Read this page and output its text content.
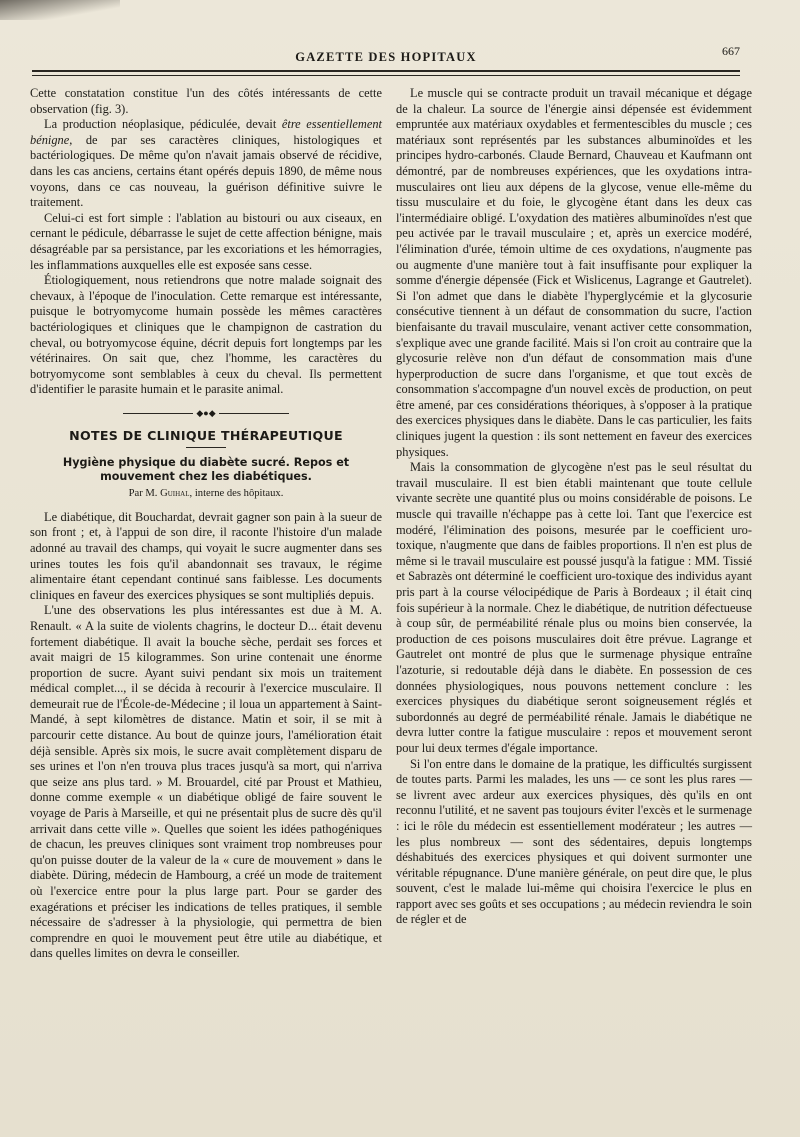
GAZETTE DES HOPITAUX	667

Cette constatation constitue l'un des côtés intéressants de cette observation (fig. 3).

La production néoplasique, pédiculée, devait être essentiellement bénigne, de par ses caractères cliniques, histologiques et bactériologiques. De même qu'on n'avait jamais observé de récidive, dans les cas anciens, certains étant opérés depuis 1890, de même nous voyons, dans ce cas nouveau, la guérison définitive suivre le traitement.

Celui-ci est fort simple : l'ablation au bistouri ou aux ciseaux, en cernant le pédicule, débarrasse le sujet de cette affection bénigne, mais désagréable par sa persistance, par les excoriations et les hémorragies, les inflammations auxquelles elle est exposée sans cesse.

Étiologiquement, nous retiendrons que notre malade soignait des chevaux, à l'époque de l'inoculation. Cette remarque est intéressante, puisque le botryomycome humain possède les mêmes caractères bactériologiques et cliniques que le champignon de castration du cheval, ou botryomycose équine, décrit depuis fort longtemps par les vétérinaires. On sait que, chez l'homme, les caractères du botryomycome sont semblables à ceux du cheval. Ils permettent d'identifier le parasite humain et le parasite animal.

◆●◆
NOTES DE CLINIQUE THÉRAPEUTIQUE
Hygiène physique du diabète sucré. Repos et mouvement chez les diabétiques.
Par M. Guihal, interne des hôpitaux.

Le diabétique, dit Bouchardat, devrait gagner son pain à la sueur de son front ; et, à l'appui de son dire, il raconte l'histoire d'un malade adonné au travail des champs, qui voyait le sucre augmenter dans ses urines toutes les fois qu'il abandonnait ses travaux, le régime alimentaire étant cependant continué sans faiblesse. Les documents cliniques en faveur des exercices physiques se sont multipliés depuis.

L'une des observations les plus intéressantes est due à M. A. Renault. « A la suite de violents chagrins, le docteur D... était devenu fortement diabétique. Il avait la bouche sèche, perdait ses forces et avait maigri de 15 kilogrammes. Son urine contenait une énorme proportion de sucre. Ayant suivi pendant six mois un traitement médical complet..., il se décida à recourir à l'exercice musculaire. Il demeurait rue de l'École-de-Médecine ; il loua un appartement à Saint-Mandé, à sept kilomètres de distance. Matin et soir, il se mit à parcourir cette distance. Au bout de quinze jours, l'amélioration était déjà sensible. Après six mois, le sucre avait complètement disparu de ses urines et l'on n'en trouva plus traces jusqu'à sa mort, qui n'arriva que seize ans plus tard. » M. Brouardel, cité par Proust et Mathieu, donne comme exemple « un diabétique obligé de faire souvent le voyage de Paris à Marseille, et qui ne présentait plus de sucre dès qu'il arrivait dans cette ville ». Quelles que soient les idées pathogéniques de chacun, les preuves cliniques sont vraiment trop nombreuses pour qu'on puisse douter de la valeur de la « cure de mouvement » dans le diabète. Düring, médecin de Hambourg, a créé un mode de traitement où l'exercice entre pour la plus large part. Pour se garder des exagérations et préciser les indications de telles pratiques, il semble nécessaire de s'adresser à la physiologie, qui permettra de bien comprendre en quoi le mouvement peut être utile au diabétique, et dans quelles limites on devra le conseiller.

Le muscle qui se contracte produit un travail mécanique et dégage de la chaleur. La source de l'énergie ainsi dépensée est évidemment empruntée aux matériaux oxydables et fermentescibles du muscle ; ces matériaux sont représentés par les substances albuminoïdes et les principes hydro-carbonés. Claude Bernard, Chauveau et Kaufmann ont démontré, par de nombreuses expériences, que les oxydations intra-musculaires ont lieu aux dépens de la glycose, venue elle-même du tissu musculaire et du foie, le glycogène étant dans les deux cas l'intermédiaire obligé. L'oxydation des matières albuminoïdes n'est que peu activée par le travail musculaire ; et, après un exercice modéré, l'élimination d'urée, témoin ultime de ces oxydations, n'augmente pas ou augmente d'une manière tout à fait insuffisante pour expliquer la somme d'énergie dépensée (Fick et Wislicenus, Lagrange et Gautrelet). Si l'on admet que dans le diabète l'hyperglycémie et la glycosurie consécutive tiennent à un défaut de consommation du sucre, l'action bienfaisante du travail musculaire, venant activer cette consommation, s'explique avec une grande facilité. Mais si l'on croit au contraire que la glycosurie relève non d'un défaut de consommation mais d'une hyperproduction de sucre dans l'organisme, et que tout excès de consommation s'accompagne d'un nouvel excès de production, on peut être amené, par ces considérations théoriques, à s'opposer à la pratique des exercices physiques dans le diabète. Dans le cas particulier, les faits cliniques jugent la question : ils sont nettement en faveur des exercices physiques.

Mais la consommation de glycogène n'est pas le seul résultat du travail musculaire. Il est bien établi maintenant que toute cellule vivante secrète une quantité plus ou moins considérable de poisons. Le muscle qui travaille n'échappe pas à cette loi. Tant que l'exercice est modéré, l'élimination des poisons, mesurée par le coefficient uro-toxique, n'augmente que dans de faibles proportions. Il n'en est plus de même si le travail musculaire est poussé jusqu'à la fatigue : MM. Tissié et Sabrazès ont déterminé le coefficient uro-toxique des individus ayant pris part à la course vélocipédique de Paris à Bordeaux ; il était cinq fois supérieur à la normale. Chez le diabétique, de nutrition défectueuse à coup sûr, de perméabilité rénale plus ou moins bien conservée, la production de ces poisons musculaires doit être prévue. Lagrange et Gautrelet ont montré de plus que le surmenage physique entraîne l'azoturie, si redoutable déjà dans le diabète. En possession de ces données physiologiques, nous pouvons nettement conclure : les exercices physiques du diabétique seront soigneusement réglés et subordonnés au degré de perméabilité rénale. Jamais le diabétique ne devra lutter contre la fatigue musculaire : repos et mouvement seront pour lui deux termes d'égale importance.

Si l'on entre dans le domaine de la pratique, les difficultés surgissent de toutes parts. Parmi les malades, les uns — ce sont les plus rares — se livrent avec ardeur aux exercices physiques, dès qu'ils en ont reconnu l'utilité, et ne savent pas toujours éviter l'excès et le surmenage : ici le rôle du médecin est essentiellement modérateur ; les autres — les plus nombreux — sont des sédentaires, depuis longtemps déshabitués des exercices physiques et qui doivent surmonter une véritable répugnance. D'une manière générale, on peut dire que, le plus souvent, c'est le malade lui-même qui choisira l'exercice le plus en rapport avec ses goûts et ses occupations ; au médecin reviendra le soin de régler et de
